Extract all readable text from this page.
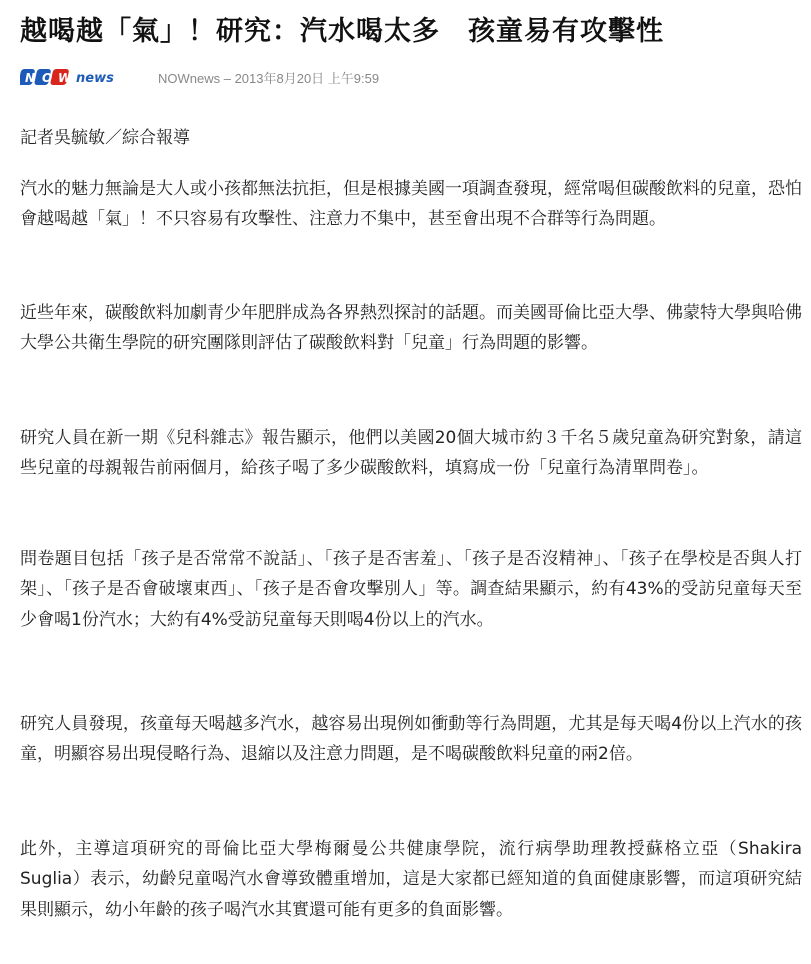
越喝越「氣」！研究：汽水喝太多　孩童易有攻擊性
N O W news	NOWnews – 2013年8月20日 上午9:59
記者吳毓敏／綜合報導
汽水的魅力無論是大人或小孩都無法抗拒，但是根據美國一項調查發現，經常喝但碳酸飲料的兒童，恐怕會越喝越「氣」！不只容易有攻擊性、注意力不集中，甚至會出現不合群等行為問題。
近些年來，碳酸飲料加劇青少年肥胖成為各界熱烈探討的話題。而美國哥倫比亞大學、佛蒙特大學與哈佛大學公共衛生學院的研究團隊則評估了碳酸飲料對「兒童」行為問題的影響。
研究人員在新一期《兒科雜志》報告顯示，他們以美國20個大城市約３千名５歲兒童為研究對象，請這些兒童的母親報告前兩個月，給孩子喝了多少碳酸飲料，填寫成一份「兒童行為清單問卷」。
問卷題目包括「孩子是否常常不說話」、「孩子是否害羞」、「孩子是否沒精神」、「孩子在學校是否與人打架」、「孩子是否會破壞東西」、「孩子是否會攻擊別人」等。調查結果顯示，約有43%的受訪兒童每天至少會喝1份汽水；大約有4%受訪兒童每天則喝4份以上的汽水。
研究人員發現，孩童每天喝越多汽水，越容易出現例如衝動等行為問題，尤其是每天喝4份以上汽水的孩童，明顯容易出現侵略行為、退縮以及注意力問題，是不喝碳酸飲料兒童的兩2倍。
此外，主導這項研究的哥倫比亞大學梅爾曼公共健康學院，流行病學助理教授蘇格立亞（Shakira Suglia）表示，幼齡兒童喝汽水會導致體重增加，這是大家都已經知道的負面健康影響，而這項研究結果則顯示，幼小年齡的孩子喝汽水其實還可能有更多的負面影響。
